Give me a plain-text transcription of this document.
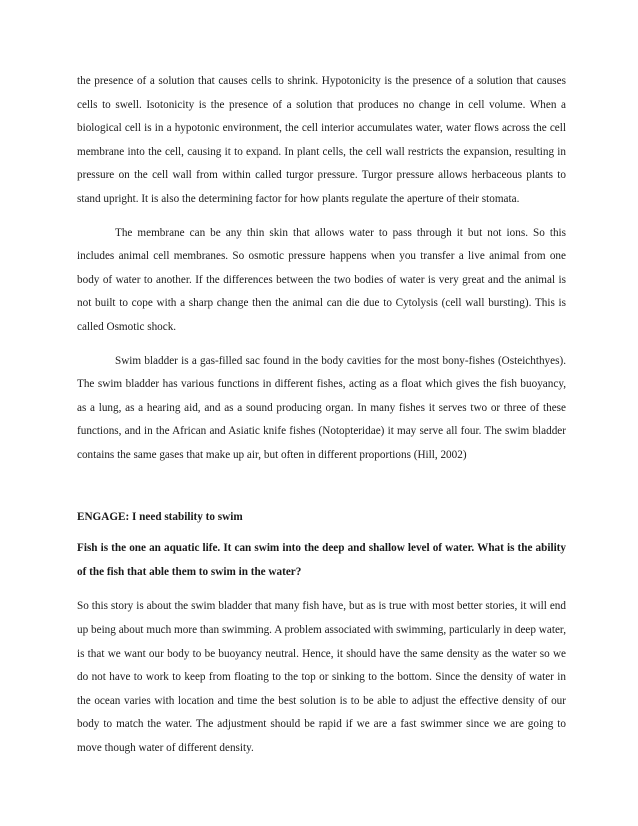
the presence of a solution that causes cells to shrink. Hypotonicity is the presence of a solution that causes cells to swell. Isotonicity is the presence of a solution that produces no change in cell volume. When a biological cell is in a hypotonic environment, the cell interior accumulates water, water flows across the cell membrane into the cell, causing it to expand. In plant cells, the cell wall restricts the expansion, resulting in pressure on the cell wall from within called turgor pressure. Turgor pressure allows herbaceous plants to stand upright. It is also the determining factor for how plants regulate the aperture of their stomata.

The membrane can be any thin skin that allows water to pass through it but not ions. So this includes animal cell membranes. So osmotic pressure happens when you transfer a live animal from one body of water to another. If the differences between the two bodies of water is very great and the animal is not built to cope with a sharp change then the animal can die due to Cytolysis (cell wall bursting). This is called Osmotic shock.

Swim bladder is a gas-filled sac found in the body cavities for the most bony-fishes (Osteichthyes). The swim bladder has various functions in different fishes, acting as a float which gives the fish buoyancy, as a lung, as a hearing aid, and as a sound producing organ. In many fishes it serves two or three of these functions, and in the African and Asiatic knife fishes (Notopteridae) it may serve all four. The swim bladder contains the same gases that make up air, but often in different proportions (Hill, 2002)

ENGAGE: I need stability to swim

Fish is the one an aquatic life. It can swim into the deep and shallow level of water. What is the ability of the fish that able them to swim in the water?

So this story is about the swim bladder that many fish have, but as is true with most better stories, it will end up being about much more than swimming. A problem associated with swimming, particularly in deep water, is that we want our body to be buoyancy neutral. Hence, it should have the same density as the water so we do not have to work to keep from floating to the top or sinking to the bottom. Since the density of water in the ocean varies with location and time the best solution is to be able to adjust the effective density of our body to match the water. The adjustment should be rapid if we are a fast swimmer since we are going to move though water of different density.
